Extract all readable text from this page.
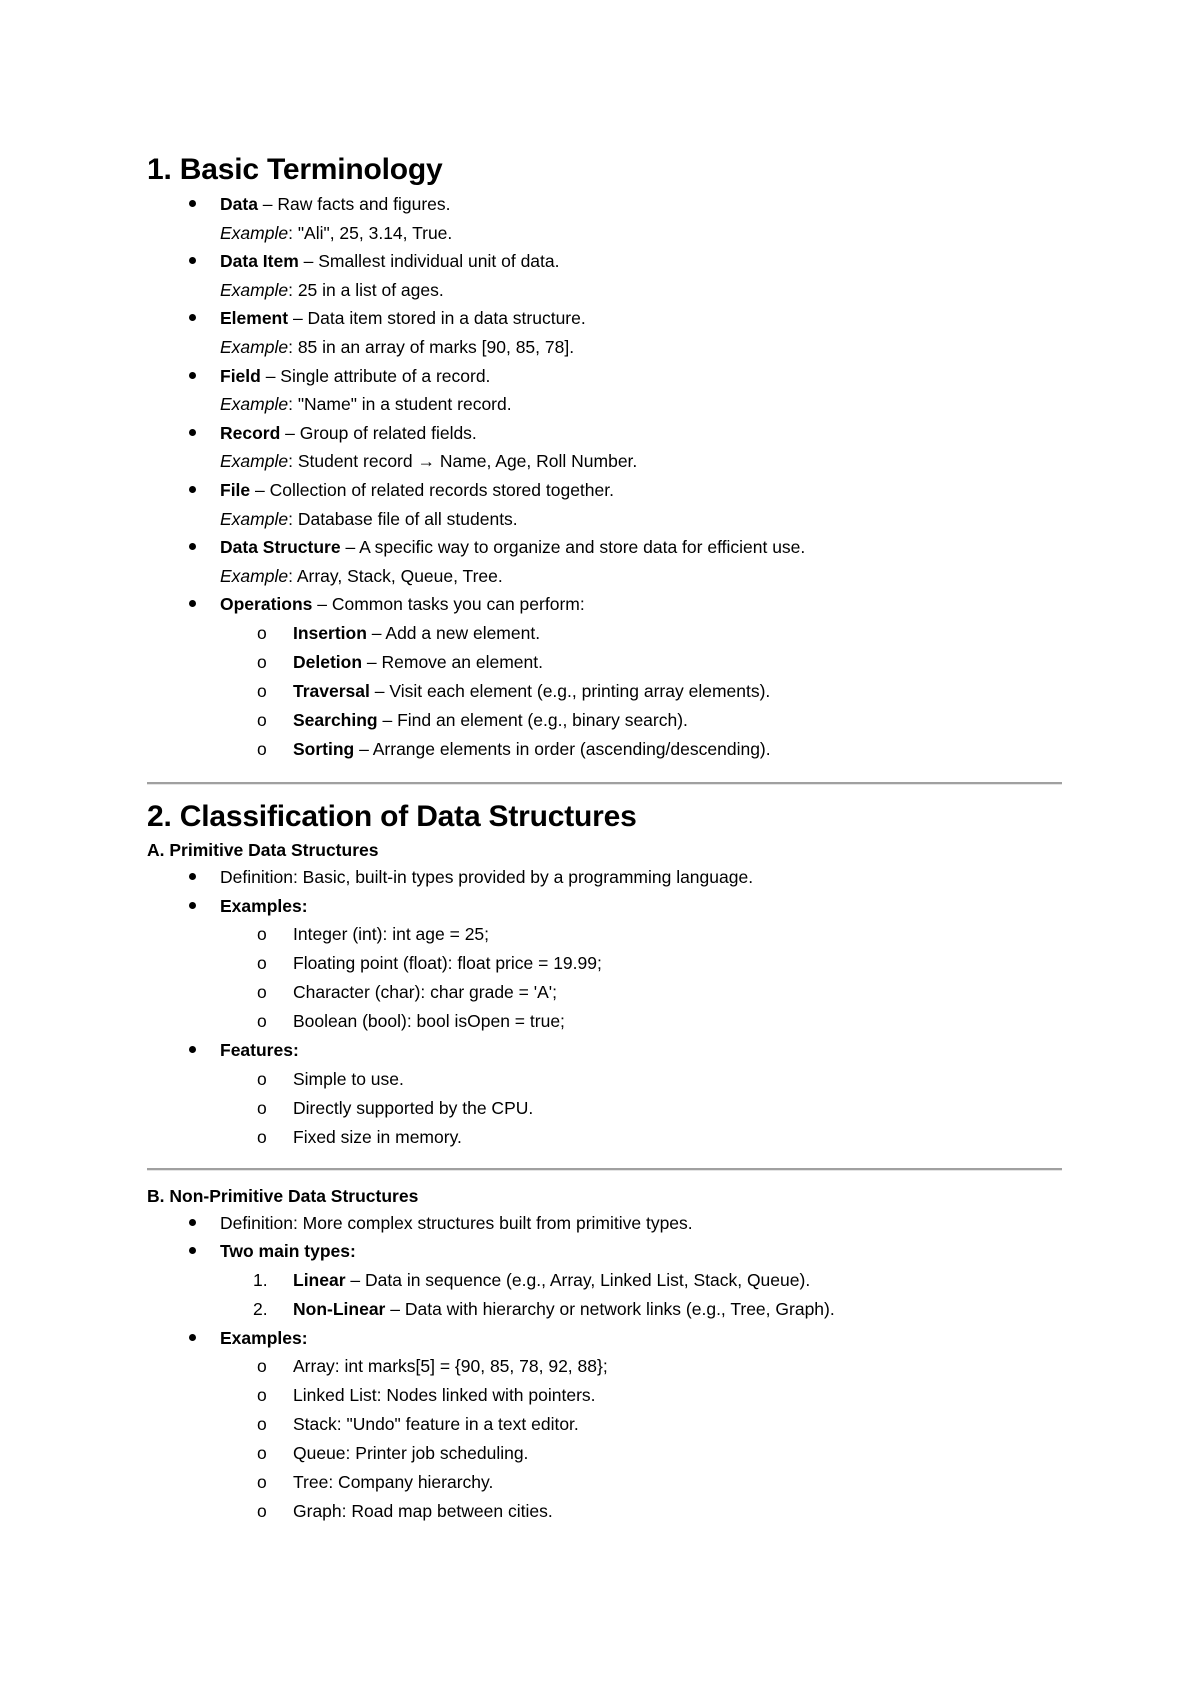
1. Basic Terminology
Data – Raw facts and figures.
Example: "Ali", 25, 3.14, True.
Data Item – Smallest individual unit of data.
Example: 25 in a list of ages.
Element – Data item stored in a data structure.
Example: 85 in an array of marks [90, 85, 78].
Field – Single attribute of a record.
Example: "Name" in a student record.
Record – Group of related fields.
Example: Student record → Name, Age, Roll Number.
File – Collection of related records stored together.
Example: Database file of all students.
Data Structure – A specific way to organize and store data for efficient use.
Example: Array, Stack, Queue, Tree.
Operations – Common tasks you can perform:
o Insertion – Add a new element.
o Deletion – Remove an element.
o Traversal – Visit each element (e.g., printing array elements).
o Searching – Find an element (e.g., binary search).
o Sorting – Arrange elements in order (ascending/descending).
2. Classification of Data Structures
A. Primitive Data Structures
Definition: Basic, built-in types provided by a programming language.
Examples:
o Integer (int): int age = 25;
o Floating point (float): float price = 19.99;
o Character (char): char grade = 'A';
o Boolean (bool): bool isOpen = true;
Features:
o Simple to use.
o Directly supported by the CPU.
o Fixed size in memory.
B. Non-Primitive Data Structures
Definition: More complex structures built from primitive types.
Two main types:
1. Linear – Data in sequence (e.g., Array, Linked List, Stack, Queue).
2. Non-Linear – Data with hierarchy or network links (e.g., Tree, Graph).
Examples:
o Array: int marks[5] = {90, 85, 78, 92, 88};
o Linked List: Nodes linked with pointers.
o Stack: "Undo" feature in a text editor.
o Queue: Printer job scheduling.
o Tree: Company hierarchy.
o Graph: Road map between cities.
